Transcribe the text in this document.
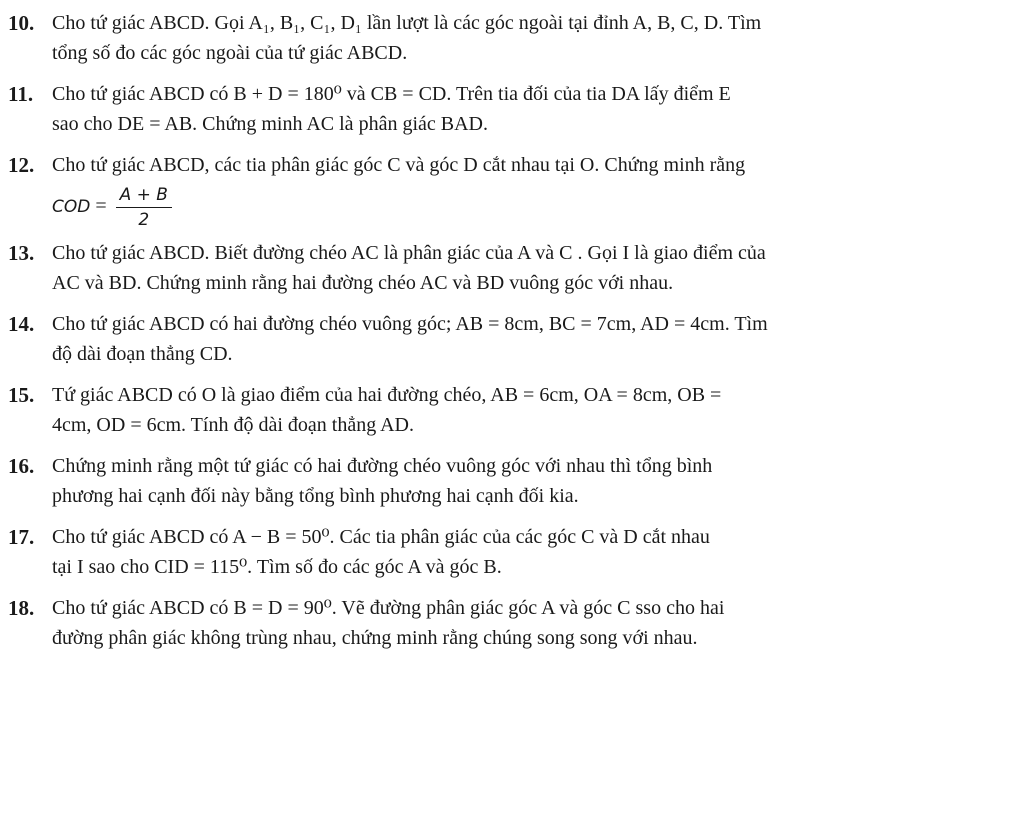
10. Cho tứ giác ABCD. Gọi A₁, B₁, C₁, D₁ lần lượt là các góc ngoài tại đỉnh A, B, C, D. Tìm
tổng số đo các góc ngoài của tứ giác ABCD.
11. Cho tứ giác ABCD có B + D = 180⁰ và CB = CD. Trên tia đối của tia DA lấy điểm E
sao cho DE = AB. Chứng minh AC là phân giác BAD.
12. Cho tứ giác ABCD, các tia phân giác góc C và góc D cắt nhau tại O. Chứng minh rằng
COD = $\frac{A + B}{2}$
13. Cho tứ giác ABCD. Biết đường chéo AC là phân giác của A và C . Gọi I là giao điểm của
AC và BD. Chứng minh rằng hai đường chéo AC và BD vuông góc với nhau.
14. Cho tứ giác ABCD có hai đường chéo vuông góc; AB = 8cm, BC = 7cm, AD = 4cm. Tìm
độ dài đoạn thẳng CD.
15. Tứ giác ABCD có O là giao điểm của hai đường chéo, AB = 6cm, OA = 8cm, OB =
4cm, OD = 6cm. Tính độ dài đoạn thẳng AD.
16. Chứng minh rằng một tứ giác có hai đường chéo vuông góc với nhau thì tổng bình
phương hai cạnh đối này bằng tổng bình phương hai cạnh đối kia.
17. Cho tứ giác ABCD có A − B = 50⁰. Các tia phân giác của các góc C và D cắt nhau
tại I sao cho CID = 115⁰. Tìm số đo các góc A và góc B.
18. Cho tứ giác ABCD có B = D = 90⁰. Vẽ đường phân giác góc A và góc C sso cho hai
đường phân giác không trùng nhau, chứng minh rằng chúng song song với nhau.
